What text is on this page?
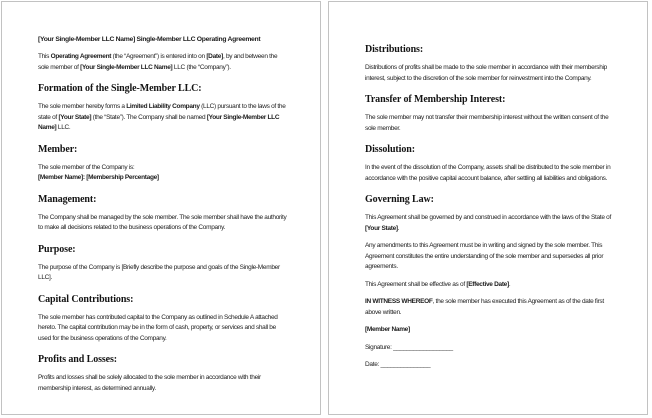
[Your Single-Member LLC Name] Single-Member LLC Operating Agreement
This Operating Agreement (the “Agreement”) is entered into on [Date], by and between the sole member of [Your Single-Member LLC Name] LLC (the “Company”).
Formation of the Single-Member LLC:
The sole member hereby forms a Limited Liability Company (LLC) pursuant to the laws of the state of [Your State] (the “State”). The Company shall be named [Your Single-Member LLC Name] LLC.
Member:
The sole member of the Company is:
[Member Name]: [Membership Percentage]
Management:
The Company shall be managed by the sole member. The sole member shall have the authority to make all decisions related to the business operations of the Company.
Purpose:
The purpose of the Company is [Briefly describe the purpose and goals of the Single-Member LLC].
Capital Contributions:
The sole member has contributed capital to the Company as outlined in Schedule A attached hereto. The capital contribution may be in the form of cash, property, or services and shall be used for the business operations of the Company.
Profits and Losses:
Profits and losses shall be solely allocated to the sole member in accordance with their membership interest, as determined annually.
Distributions:
Distributions of profits shall be made to the sole member in accordance with their membership interest, subject to the discretion of the sole member for reinvestment into the Company.
Transfer of Membership Interest:
The sole member may not transfer their membership interest without the written consent of the sole member.
Dissolution:
In the event of the dissolution of the Company, assets shall be distributed to the sole member in accordance with the positive capital account balance, after settling all liabilities and obligations.
Governing Law:
This Agreement shall be governed by and construed in accordance with the laws of the State of [Your State].
Any amendments to this Agreement must be in writing and signed by the sole member. This Agreement constitutes the entire understanding of the sole member and supersedes all prior agreements.
This Agreement shall be effective as of [Effective Date].
IN WITNESS WHEREOF, the sole member has executed this Agreement as of the date first above written.
[Member Name]
Signature: __________________
Date: _______________
